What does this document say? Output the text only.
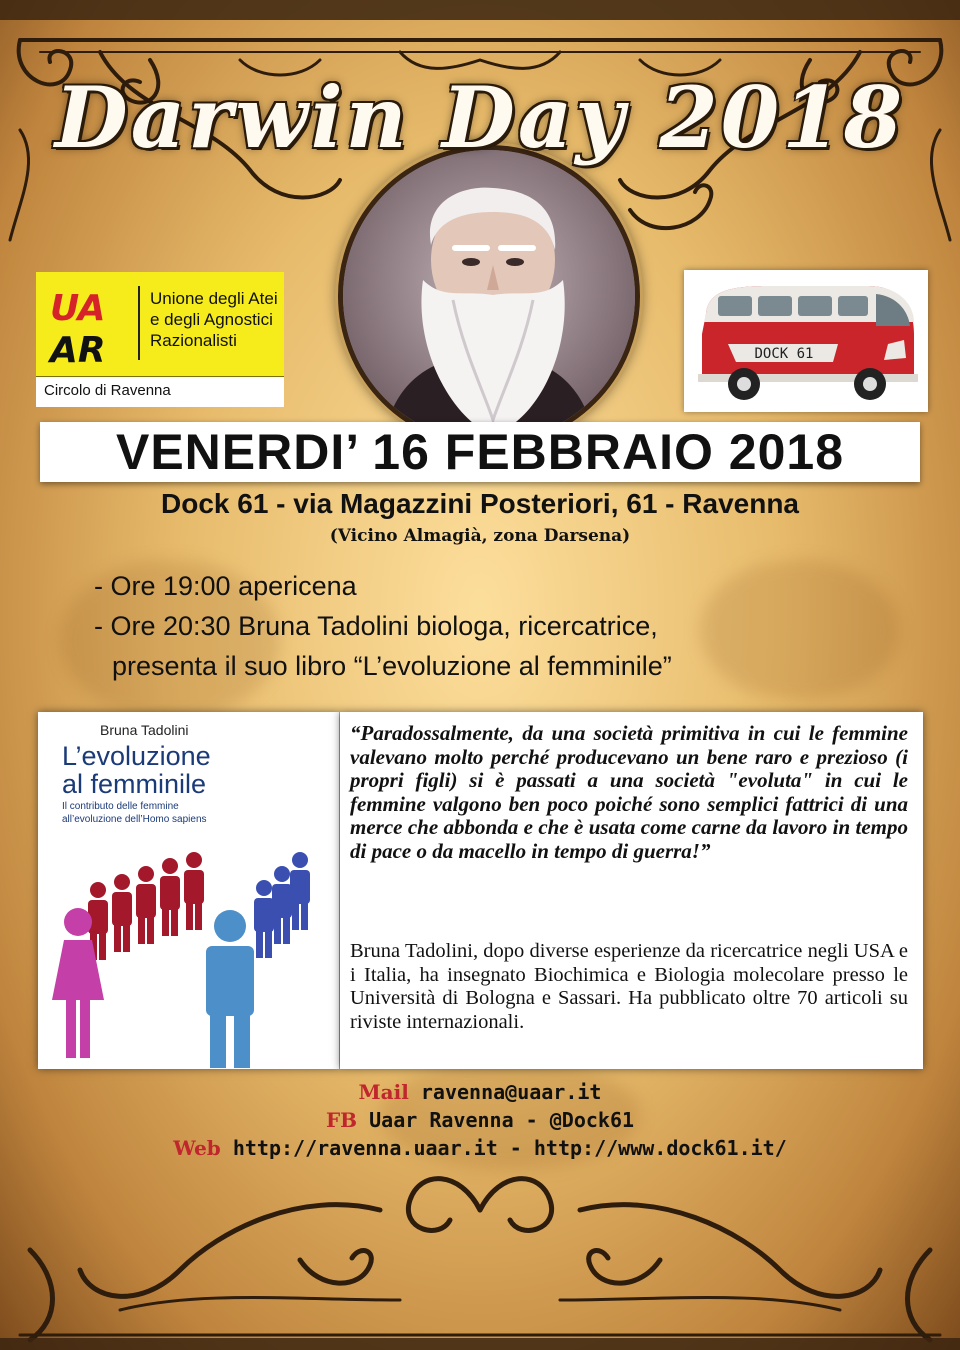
Darwin Day 2018
UA
AR
Unione degli Atei
e degli Agnostici
Razionalisti
Circolo di Ravenna
DOCK 61
VENERDI’ 16 FEBBRAIO 2018
Dock 61 - via Magazzini Posteriori, 61 - Ravenna
(Vicino Almagià, zona Darsena)
- Ore 19:00 apericena
- Ore 20:30 Bruna Tadolini biologa, ricercatrice,
presenta il suo libro “L’evoluzione al femminile”
Bruna Tadolini
L’evoluzione
al femminile
Il contributo delle femmine
all’evoluzione dell’Homo sapiens
“Paradossalmente, da una società primitiva in cui le femmine valevano molto perché producevano un bene raro e prezioso (i propri figli) si è passati a una società "evoluta" in cui le femmine valgono ben poco poiché sono semplici fattrici di una merce che abbonda e che è usata come carne da lavoro in tempo di pace o da macello in tempo di guerra!”
Bruna Tadolini, dopo diverse esperienze da ricercatrice negli USA e i Italia, ha insegnato Biochimica e Biologia molecolare presso le Università di Bologna e Sassari. Ha pubblicato oltre 70 articoli su riviste internazionali.
Mail ravenna@uaar.it
FB Uaar Ravenna - @Dock61
Web http://ravenna.uaar.it - http://www.dock61.it/
